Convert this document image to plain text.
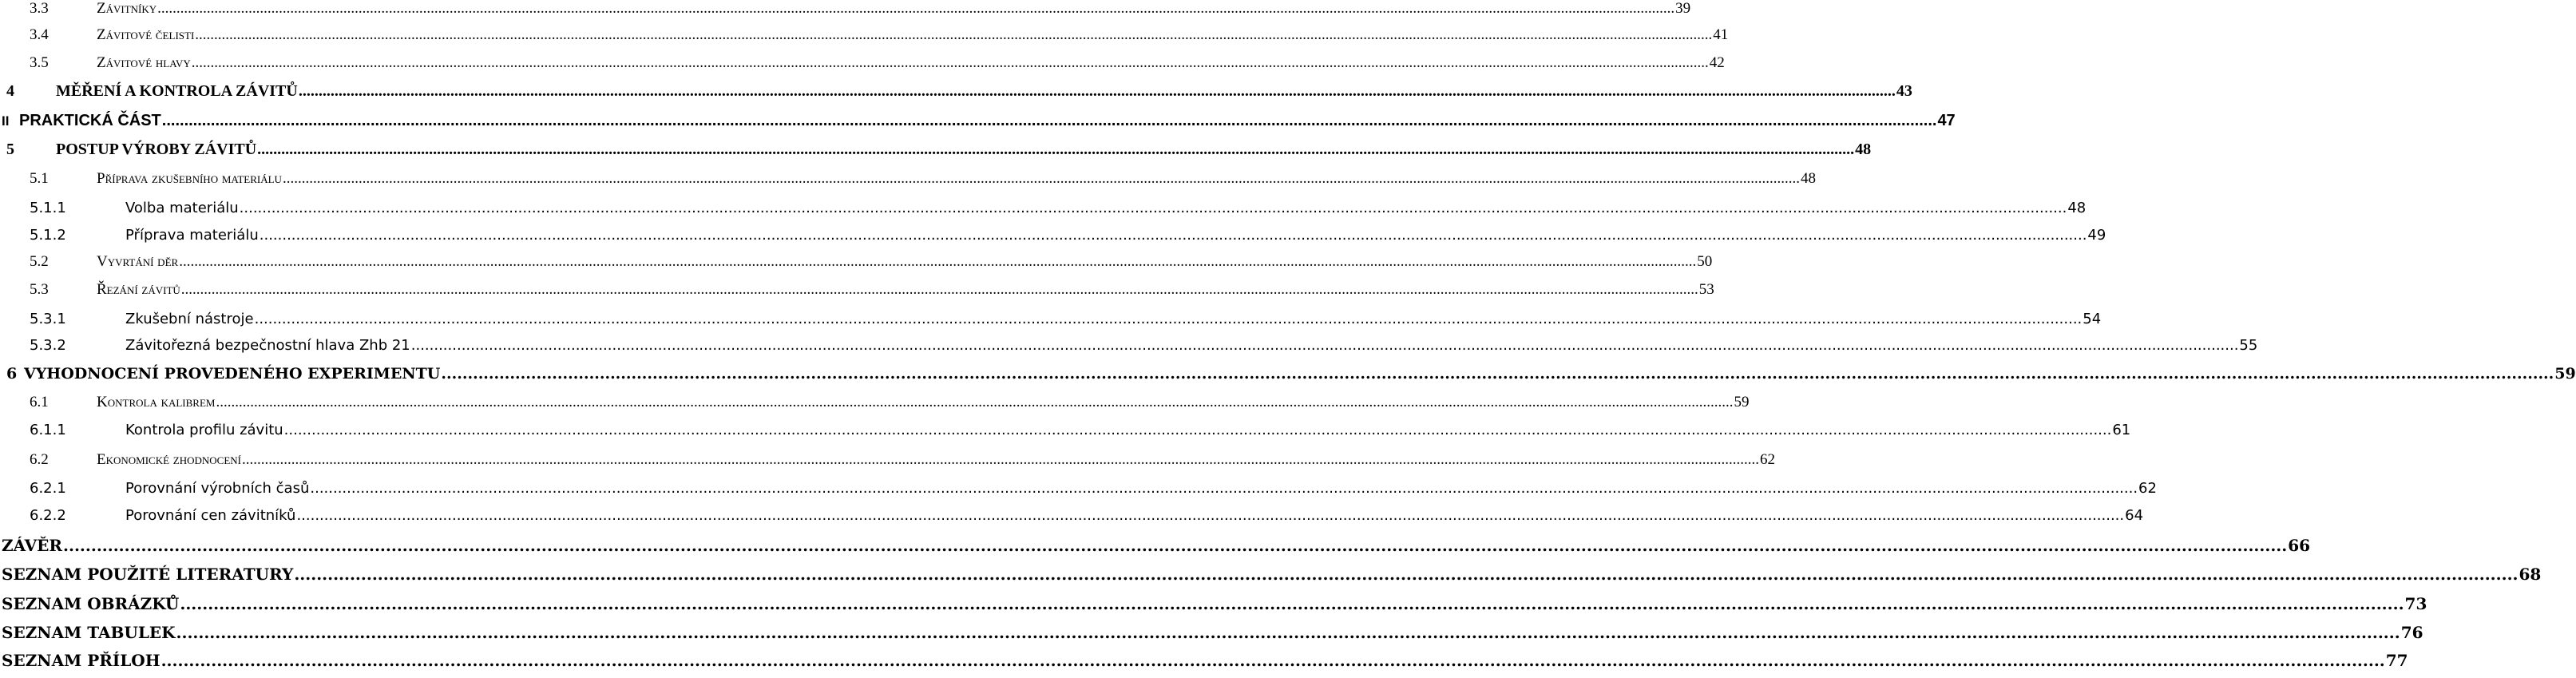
3.3	Závitníky ................................................................................................................................................................................................................................................................................................................................................................................................................ 39
3.4	Závitové čelisti ................................................................................................................................................................................................................................................................................................................................................................................................................ 41
3.5	Závitové hlavy ................................................................................................................................................................................................................................................................................................................................................................................................................ 42
4	MĚŘENÍ A KONTROLA ZÁVITŮ ................................................................................................................................................................................................................................................................................................................................................................................................................ 43
II PRAKTICKÁ ČÁST ................................................................................................................................................................................................................................................................................................................................................................................................................ 47
5	POSTUP VÝROBY ZÁVITŮ ................................................................................................................................................................................................................................................................................................................................................................................................................ 48
5.1	Příprava zkušebního materiálu ................................................................................................................................................................................................................................................................................................................................................................................................................ 48
5.1.1	Volba materiálu ................................................................................................................................................................................................................................................................................................................................................................................................................ 48
5.1.2	Příprava materiálu ................................................................................................................................................................................................................................................................................................................................................................................................................ 49
5.2	Vyvrtání děr ................................................................................................................................................................................................................................................................................................................................................................................................................ 50
5.3	Řezání závitů ................................................................................................................................................................................................................................................................................................................................................................................................................ 53
5.3.1	Zkušební nástroje ................................................................................................................................................................................................................................................................................................................................................................................................................ 54
5.3.2	Závitořezná bezpečnostní hlava Zhb 21 ................................................................................................................................................................................................................................................................................................................................................................................................................ 55
6 VYHODNOCENÍ PROVEDENÉHO EXPERIMENTU ................................................................................................................................................................................................................................................................................................................................................................................................................ 59
6.1	Kontrola kalibrem ................................................................................................................................................................................................................................................................................................................................................................................................................ 59
6.1.1	Kontrola profilu závitu ................................................................................................................................................................................................................................................................................................................................................................................................................ 61
6.2	Ekonomické zhodnocení ................................................................................................................................................................................................................................................................................................................................................................................................................ 62
6.2.1	Porovnání výrobních časů ................................................................................................................................................................................................................................................................................................................................................................................................................ 62
6.2.2	Porovnání cen závitníků ................................................................................................................................................................................................................................................................................................................................................................................................................ 64
ZÁVĚR ................................................................................................................................................................................................................................................................................................................................................................................................................ 66
SEZNAM POUŽITÉ LITERATURY ................................................................................................................................................................................................................................................................................................................................................................................................................ 68
SEZNAM OBRÁZKŮ ................................................................................................................................................................................................................................................................................................................................................................................................................ 73
SEZNAM TABULEK ................................................................................................................................................................................................................................................................................................................................................................................................................ 76
SEZNAM PŘÍLOH ................................................................................................................................................................................................................................................................................................................................................................................................................ 77
